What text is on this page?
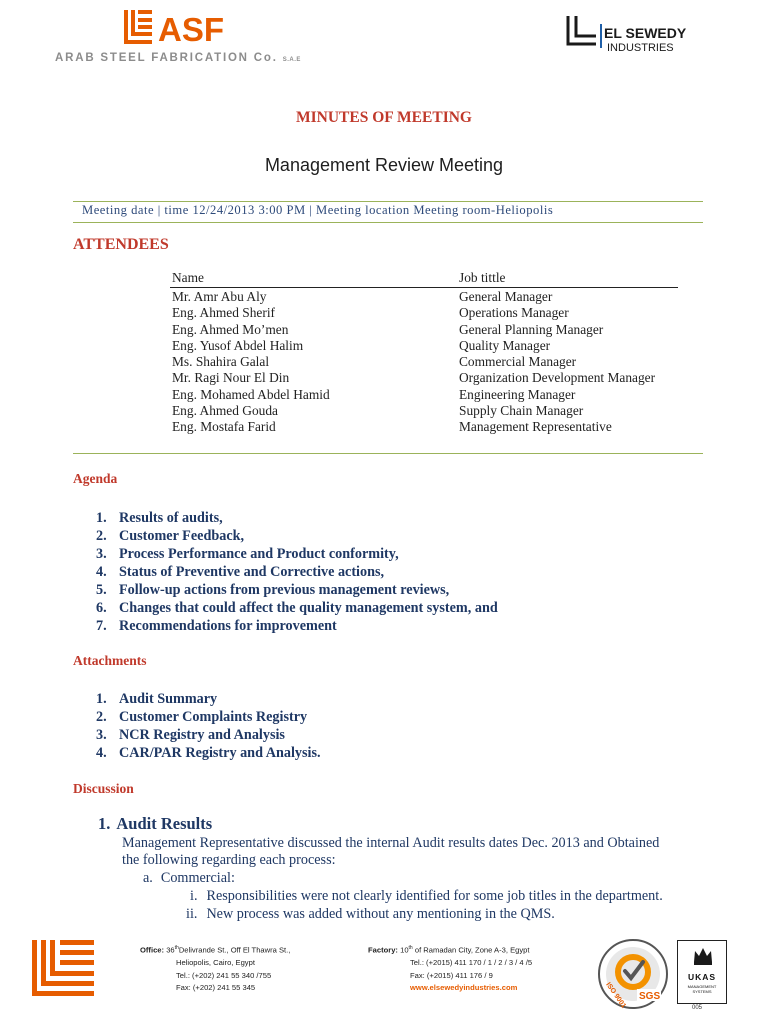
ASF
ARAB STEEL FABRICATION Co. S.A.E
EL SEWEDY
INDUSTRIES
MINUTES OF MEETING
Management Review Meeting
Meeting date | time 12/24/2013 3:00 PM | Meeting location Meeting room-Heliopolis
ATTENDEES
Name	Job tittle
Mr. Amr Abu Aly	General Manager
Eng. Ahmed Sherif	Operations Manager
Eng. Ahmed Mo’men	General Planning Manager
Eng. Yusof Abdel Halim	Quality Manager
Ms. Shahira Galal	Commercial Manager
Mr. Ragi Nour El Din	Organization Development Manager
Eng. Mohamed Abdel Hamid	Engineering Manager
Eng. Ahmed Gouda	Supply Chain Manager
Eng. Mostafa Farid	Management Representative
Agenda
1. Results of audits,
2. Customer Feedback,
3. Process Performance and Product conformity,
4. Status of Preventive and Corrective actions,
5. Follow-up actions from previous management reviews,
6. Changes that could affect the quality management system, and
7. Recommendations for improvement
Attachments
1. Audit Summary
2. Customer Complaints Registry
3. NCR Registry and Analysis
4. CAR/PAR Registry and Analysis.
Discussion
1. Audit Results
Management Representative discussed the internal Audit results dates Dec. 2013 and Obtained
the following regarding each process:
a. Commercial:
i. Responsibilities were not clearly identified for some job titles in the department.
ii. New process was added without any mentioning in the QMS.
Office: 36thDelivrande St., Off El Thawra St.,
Heliopolis, Cairo, Egypt
Tel.: (+202) 241 55 340 /755
Fax: (+202) 241 55 345
Factory: 10th of Ramadan City, Zone A-3, Egypt
Tel.: (+2015) 411 170 / 1 / 2 / 3 / 4 /5
Fax: (+2015) 411 176 / 9
www.elsewedyindustries.com	ISO 9001 SGS
UKAS
MANAGEMENT SYSTEMS
005
